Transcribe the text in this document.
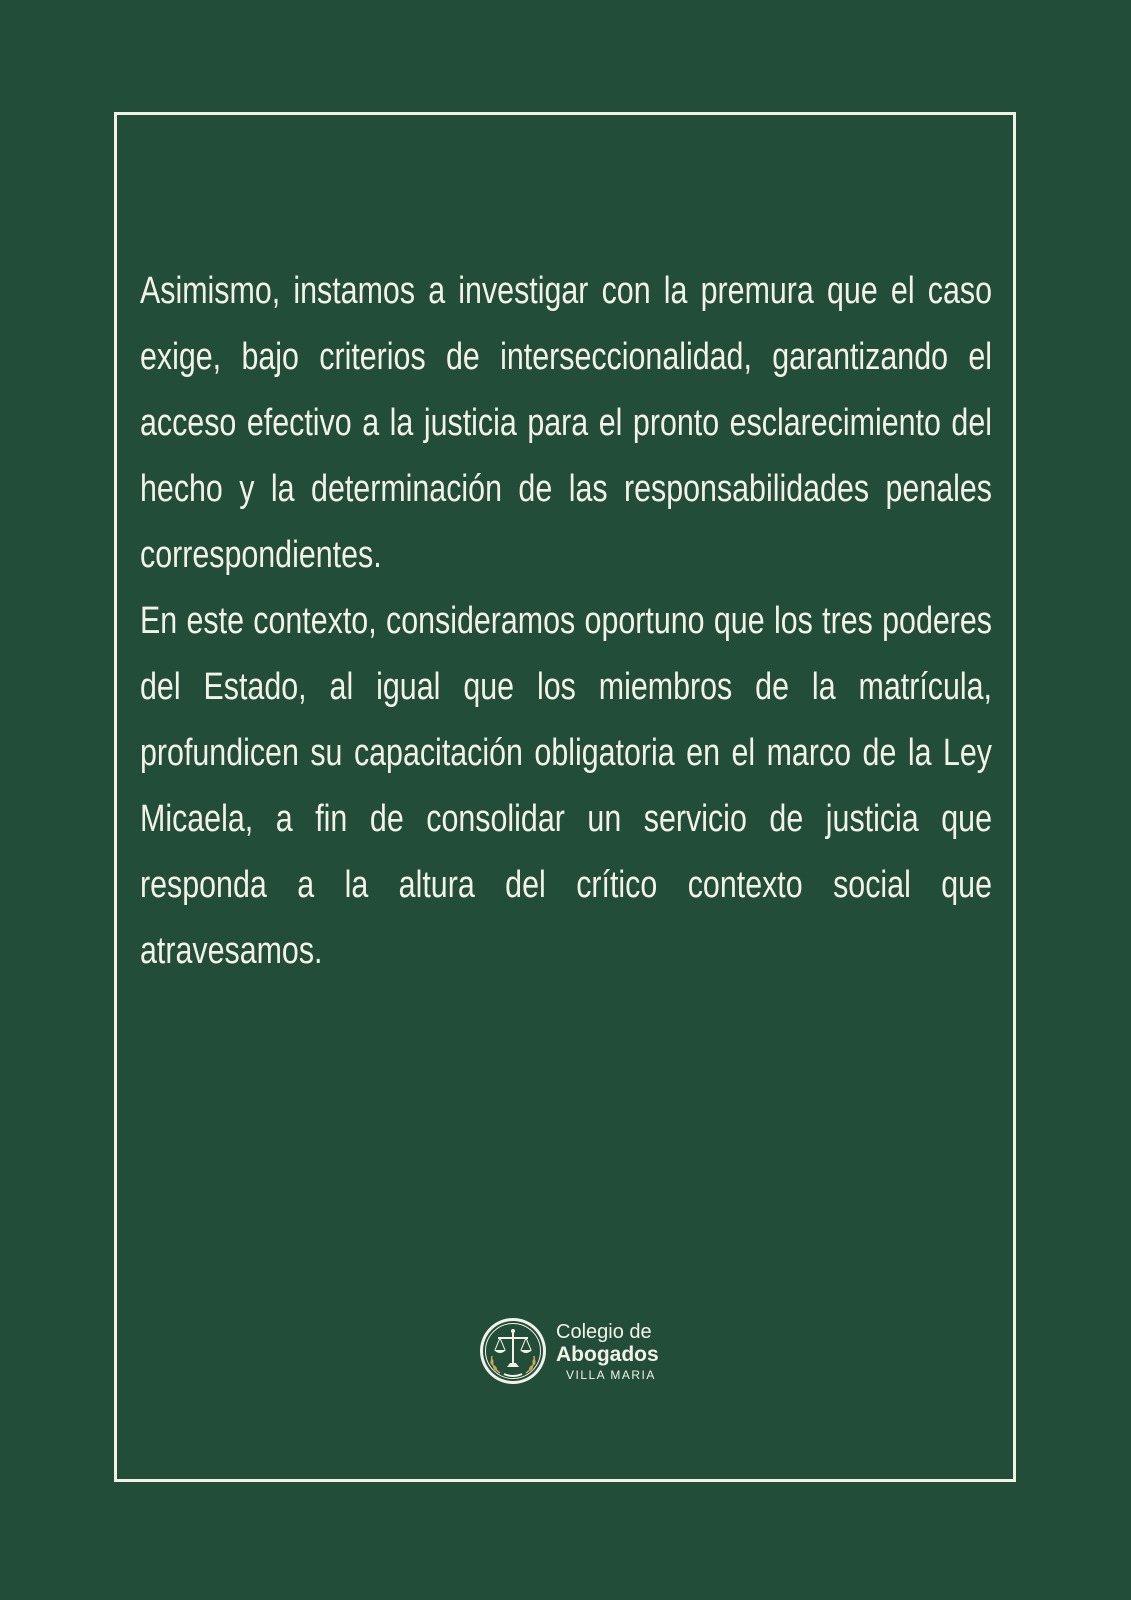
Asimismo, instamos a investigar con la premura que el caso exige, bajo criterios de interseccionalidad, garantizando el acceso efectivo a la justicia para el pronto esclarecimiento del hecho y la determinación de las responsabilidades penales correspondientes.

En este contexto, consideramos oportuno que los tres poderes del Estado, al igual que los miembros de la matrícula, profundicen su capacitación obligatoria en el marco de la Ley Micaela, a fin de consolidar un servicio de justicia que responda a la altura del crítico contexto social que atravesamos.

Colegio de
Abogados
VILLA MARIA
